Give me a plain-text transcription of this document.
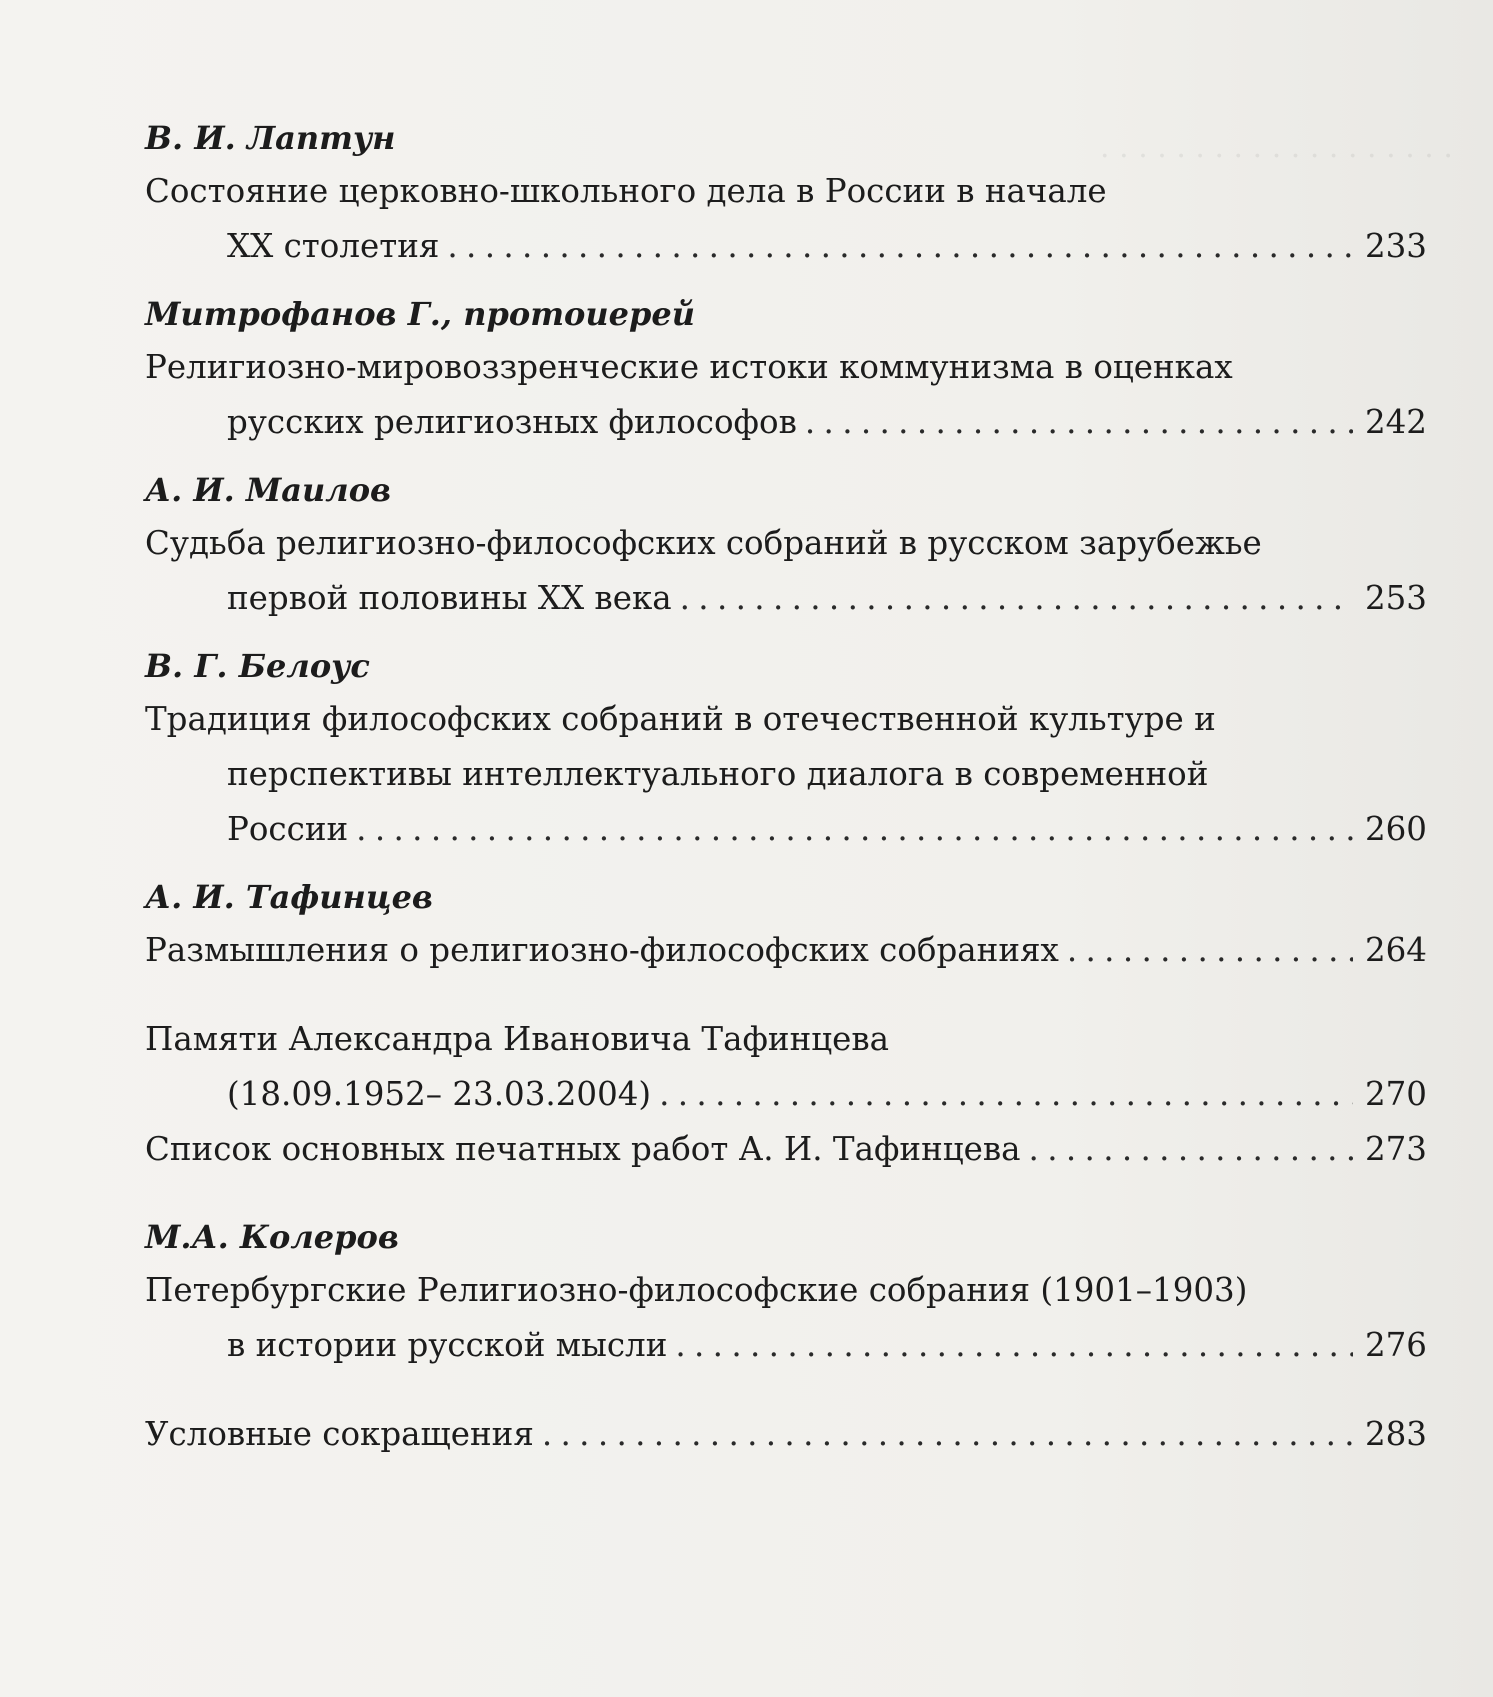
. . . . . . . . . . . . . . . . . . .
В. И. Лаптун
Состояние церковно-школьного дела в России в начале
XX столетия . . .	233
Митрофанов Г., протоиерей
Религиозно-мировоззренческие истоки коммунизма в оценках
русских религиозных философов . . .	242
А. И. Маилов
Судьба религиозно-философских собраний в русском зарубежье
первой половины XX века . . .	253
В. Г. Белоус
Традиция философских собраний в отечественной культуре и
перспективы интеллектуального диалога в современной
России . . .	260
А. И. Тафинцев
Размышления о религиозно-философских собраниях . . .	264
Памяти Александра Ивановича Тафинцева
(18.09.1952– 23.03.2004) . . .	270
Список основных печатных работ А. И. Тафинцева . . .	273
М.А. Колеров
Петербургские Религиозно-философские собрания (1901–1903)
в истории русской мысли . . .	276
Условные сокращения . . .	283
